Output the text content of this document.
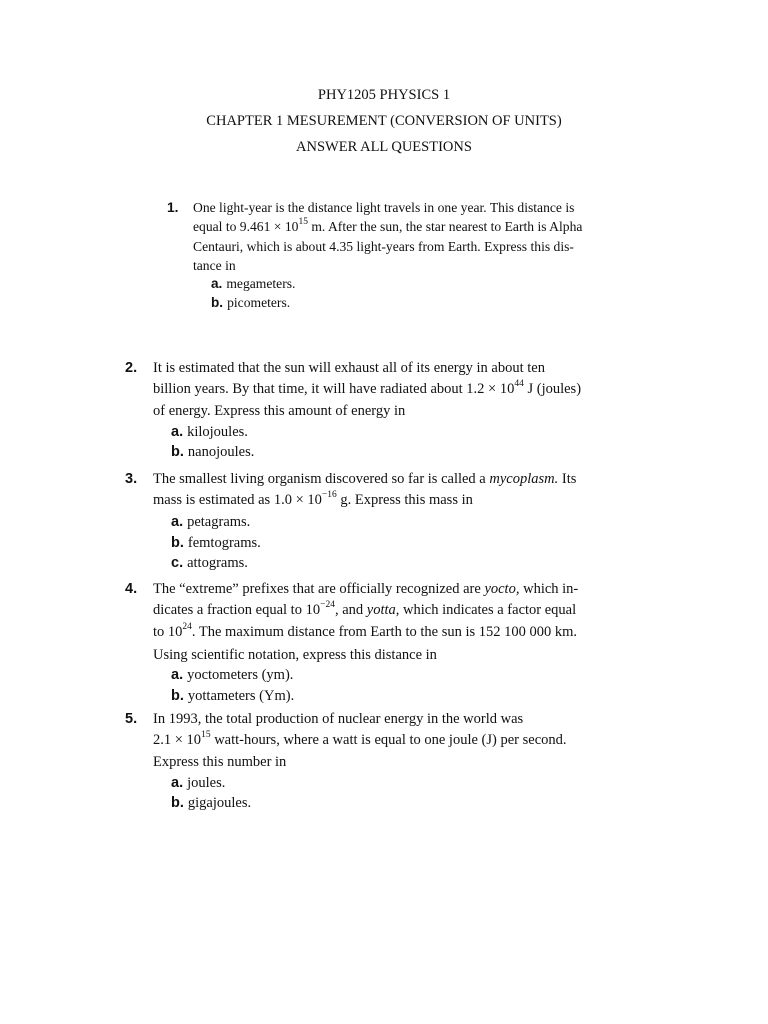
PHY1205 PHYSICS 1
CHAPTER 1 MESUREMENT (CONVERSION OF UNITS)
ANSWER ALL QUESTIONS
1. One light-year is the distance light travels in one year. This distance is
equal to $9.461 \times 10^{15}$ m. After the sun, the star nearest to Earth is Alpha
Centauri, which is about 4.35 light-years from Earth. Express this dis-
tance in
a. megameters.
b. picometers.
2. It is estimated that the sun will exhaust all of its energy in about ten
billion years. By that time, it will have radiated about $1.2 \times 10^{44}$ J (joules)
of energy. Express this amount of energy in
a. kilojoules.
b. nanojoules.
3. The smallest living organism discovered so far is called a mycoplasm. Its
mass is estimated as $1.0 \times 10^{-16}$ g. Express this mass in
a. petagrams.
b. femtograms.
c. attograms.
4. The “extreme” prefixes that are officially recognized are yocto, which in-
dicates a fraction equal to $10^{-24}$, and yotta, which indicates a factor equal
to $10^{24}$. The maximum distance from Earth to the sun is 152 100 000 km.
Using scientific notation, express this distance in
a. yoctometers (ym).
b. yottameters (Ym).
5. In 1993, the total production of nuclear energy in the world was
$2.1 \times 10^{15}$ watt-hours, where a watt is equal to one joule (J) per second.
Express this number in
a. joules.
b. gigajoules.
